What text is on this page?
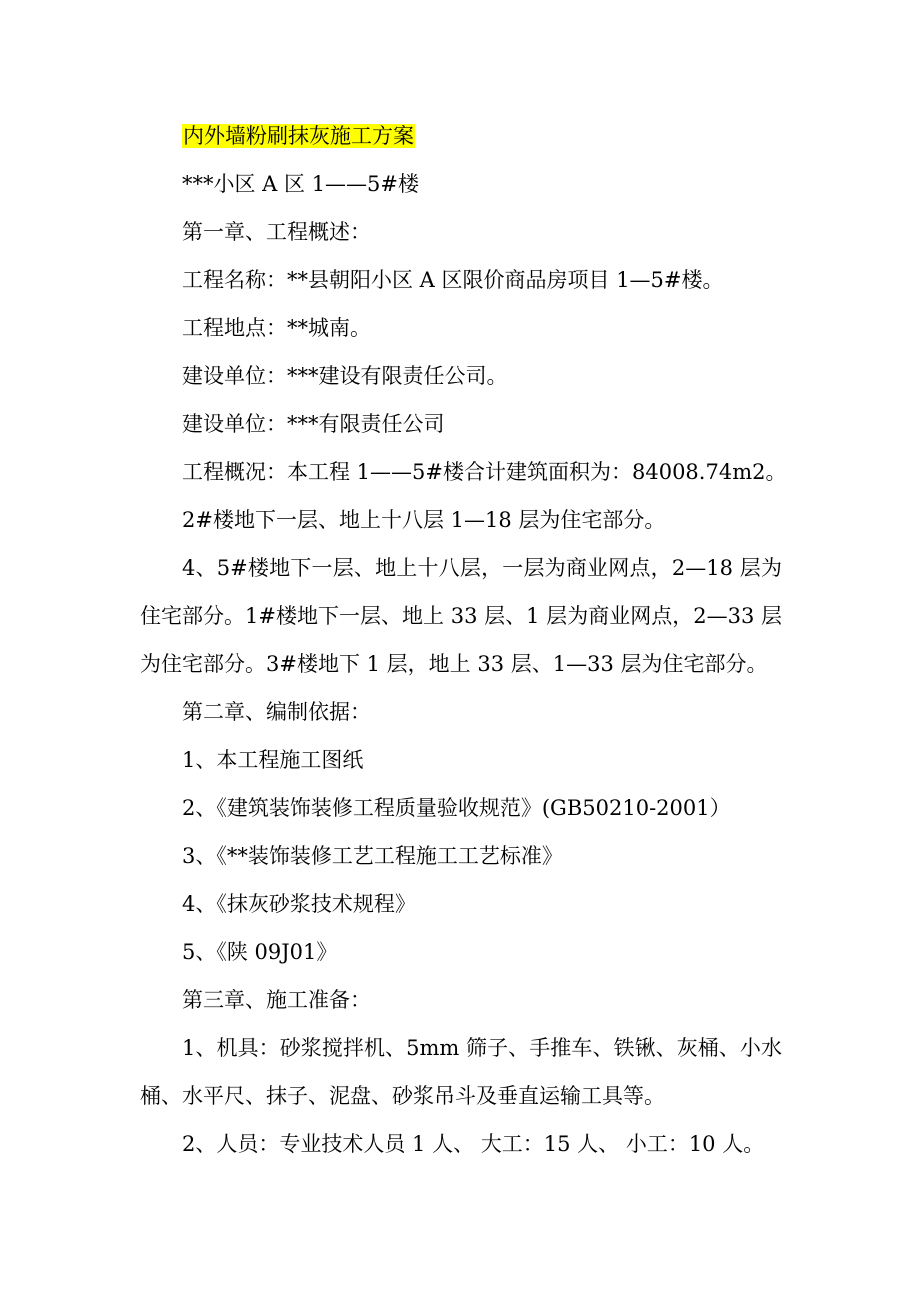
内外墙粉刷抹灰施工方案

***小区 A 区 1——5#楼

第一章、工程概述：

工程名称：**县朝阳小区 A 区限价商品房项目 1—5#楼。

工程地点：**城南。

建设单位：***建设有限责任公司。

建设单位：***有限责任公司

工程概况：本工程 1——5#楼合计建筑面积为：84008.74m2。

2#楼地下一层、地上十八层 1—18 层为住宅部分。

4、5#楼地下一层、地上十八层，一层为商业网点，2—18 层为住宅部分。1#楼地下一层、地上 33 层、1 层为商业网点，2—33 层为住宅部分。3#楼地下 1 层，地上 33 层、1—33 层为住宅部分。

第二章、编制依据：

1、本工程施工图纸

2、《建筑装饰装修工程质量验收规范》(GB50210-2001）

3、《**装饰装修工艺工程施工工艺标准》

4、《抹灰砂浆技术规程》

5、《陕 09J01》

第三章、施工准备：

1、机具：砂浆搅拌机、5mm 筛子、手推车、铁锹、灰桶、小水桶、水平尺、抹子、泥盘、砂浆吊斗及垂直运输工具等。

2、人员：专业技术人员 1 人、 大工：15 人、 小工：10 人。
